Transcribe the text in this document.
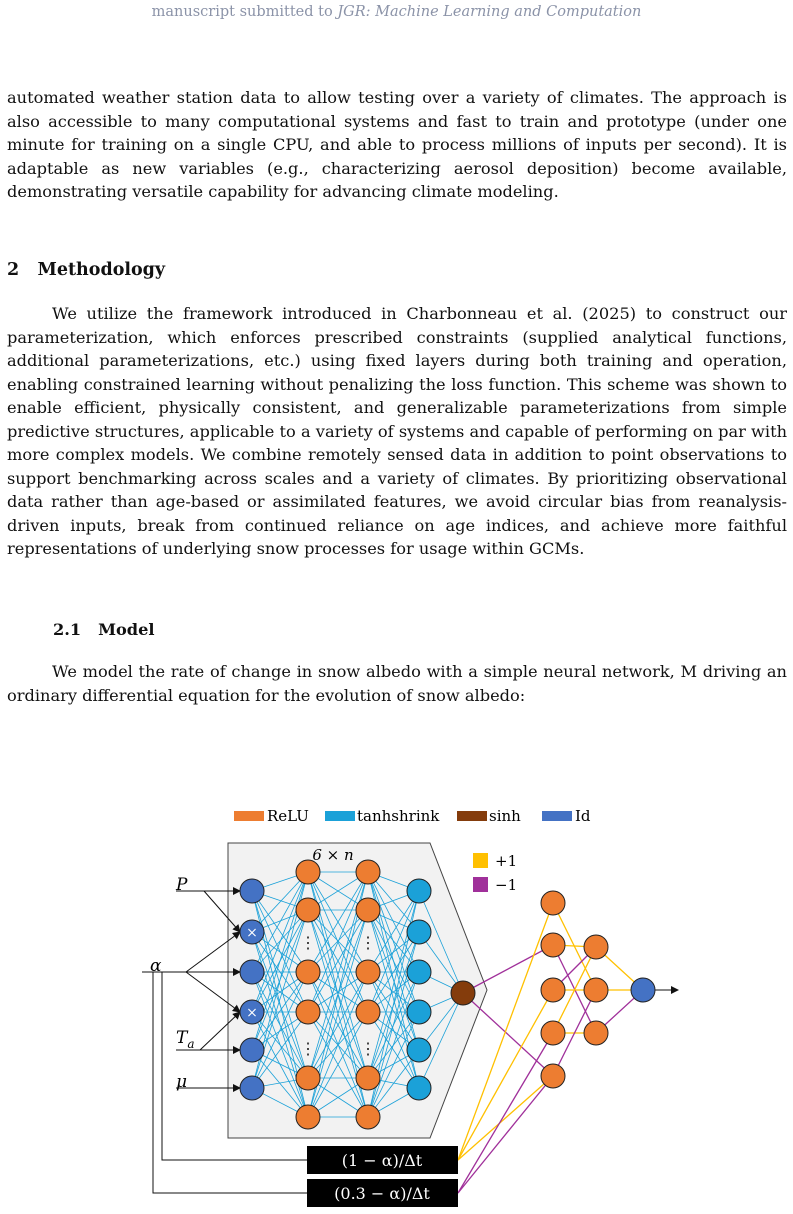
manuscript submitted to JGR: Machine Learning and Computation

automated weather station data to allow testing over a variety of climates. The approach is also accessible to many computational systems and fast to train and prototype (under one minute for training on a single CPU, and able to process millions of inputs per second). It is adaptable as new variables (e.g., characterizing aerosol deposition) become available, demonstrating versatile capability for advancing climate modeling.

2 Methodology

We utilize the framework introduced in Charbonneau et al. (2025) to construct our parameterization, which enforces prescribed constraints (supplied analytical functions, additional parameterizations, etc.) using fixed layers during both training and operation, enabling constrained learning without penalizing the loss function. This scheme was shown to enable efficient, physically consistent, and generalizable parameterizations from simple predictive structures, applicable to a variety of systems and capable of performing on par with more complex models. We combine remotely sensed data in addition to point observations to support benchmarking across scales and a variety of climates. By prioritizing observational data rather than age-based or assimilated features, we avoid circular bias from reanalysis-driven inputs, break from continued reliance on age indices, and achieve more faithful representations of underlying snow processes for usage within GCMs.

2.1 Model

We model the rate of change in snow albedo with a simple neural network, M driving an ordinary differential equation for the evolution of snow albedo:

ReLU	tanhshrink	sinh	Id
6 × n	+1
−1
P
α
$T_a$
μ
×
×
⋮	⋮
⋮	⋮
(1 − α)/Δt
(0.3 − α)/Δt
